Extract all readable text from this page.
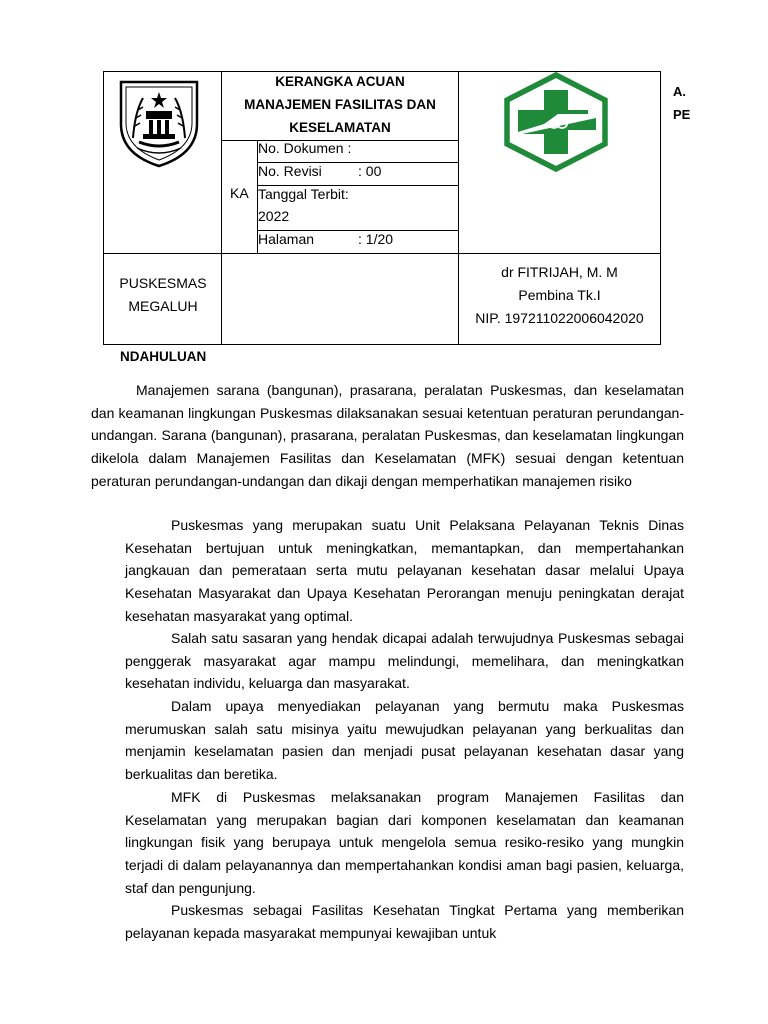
KERANGKA ACUAN
MANAJEMEN FASILITAS DAN
KESELAMATAN
KA
No. Dokumen :
No. Revisi	: 00
Tanggal Terbit:
2022
Halaman	: 1/20
A.
PE
PUSKESMAS
MEGALUH
dr FITRIJAH, M. M
Pembina Tk.I
NIP. 197211022006042020
NDAHULUAN
Manajemen sarana (bangunan), prasarana, peralatan Puskesmas, dan keselamatan dan keamanan lingkungan Puskesmas dilaksanakan sesuai ketentuan peraturan perundangan-undangan. Sarana (bangunan), prasarana, peralatan Puskesmas, dan keselamatan lingkungan dikelola dalam Manajemen Fasilitas dan Keselamatan (MFK) sesuai dengan ketentuan peraturan perundangan-undangan dan dikaji dengan memperhatikan manajemen risiko
Puskesmas yang merupakan suatu Unit Pelaksana Pelayanan Teknis Dinas Kesehatan bertujuan untuk meningkatkan, memantapkan, dan mempertahankan jangkauan dan pemerataan serta mutu pelayanan kesehatan dasar melalui Upaya Kesehatan Masyarakat dan Upaya Kesehatan Perorangan menuju peningkatan derajat kesehatan masyarakat yang optimal.
Salah satu sasaran yang hendak dicapai adalah terwujudnya Puskesmas sebagai penggerak masyarakat agar mampu melindungi, memelihara, dan meningkatkan kesehatan individu, keluarga dan masyarakat.
Dalam upaya menyediakan pelayanan yang bermutu maka Puskesmas merumuskan salah satu misinya yaitu mewujudkan pelayanan yang berkualitas dan menjamin keselamatan pasien dan menjadi pusat pelayanan kesehatan dasar yang berkualitas dan beretika.
MFK di Puskesmas melaksanakan program Manajemen Fasilitas dan Keselamatan yang merupakan bagian dari komponen keselamatan dan keamanan lingkungan fisik yang berupaya untuk mengelola semua resiko-resiko yang mungkin terjadi di dalam pelayanannya dan mempertahankan kondisi aman bagi pasien, keluarga, staf dan pengunjung.
Puskesmas sebagai Fasilitas Kesehatan Tingkat Pertama yang memberikan pelayanan kepada masyarakat mempunyai kewajiban untuk
